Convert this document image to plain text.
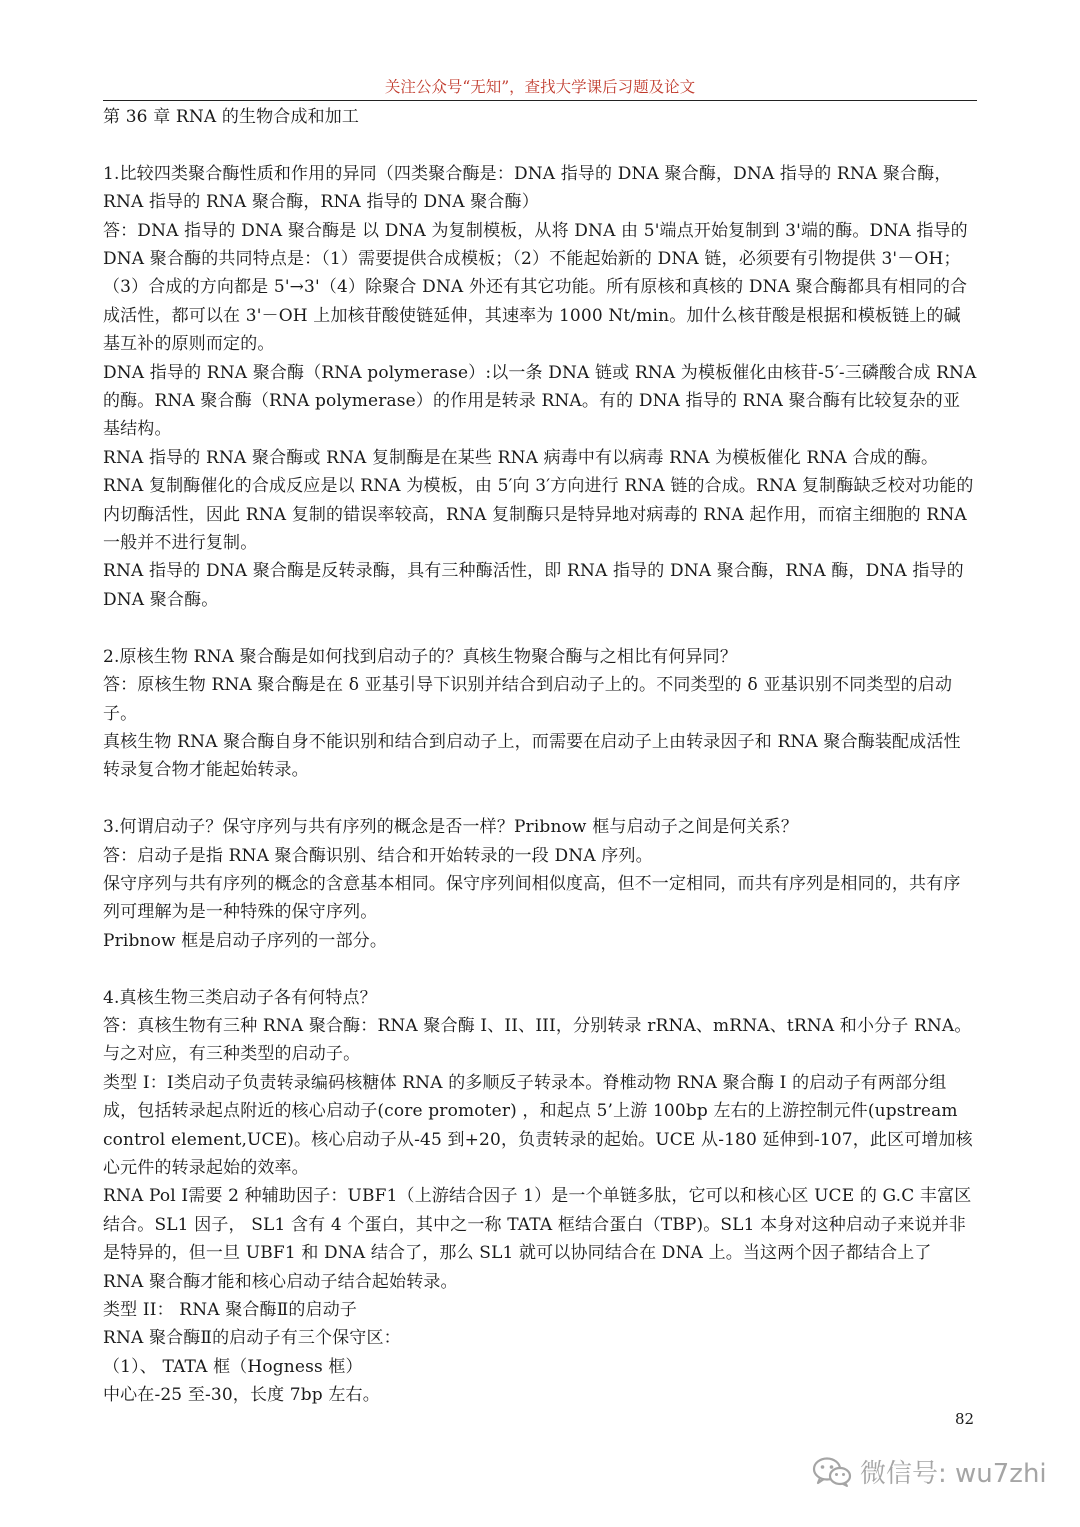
关注公众号“无知”，查找大学课后习题及论文

第 36 章 RNA 的生物合成和加工

1.比较四类聚合酶性质和作用的异同（四类聚合酶是：DNA 指导的 DNA 聚合酶，DNA 指导的 RNA 聚合酶，RNA 指导的 RNA 聚合酶，RNA 指导的 DNA 聚合酶）

答：DNA 指导的 DNA 聚合酶是 以 DNA 为复制模板，从将 DNA 由 5'端点开始复制到 3'端的酶。DNA 指导的 DNA 聚合酶的共同特点是：（1）需要提供合成模板；（2）不能起始新的 DNA 链，必须要有引物提供 3'－OH；（3）合成的方向都是 5'→3'（4）除聚合 DNA 外还有其它功能。所有原核和真核的 DNA 聚合酶都具有相同的合成活性，都可以在 3'－OH 上加核苷酸使链延伸，其速率为 1000 Nt/min。加什么核苷酸是根据和模板链上的碱基互补的原则而定的。

DNA 指导的 RNA 聚合酶（RNA polymerase）:以一条 DNA 链或 RNA 为模板催化由核苷-5′-三磷酸合成 RNA 的酶。RNA 聚合酶（RNA polymerase）的作用是转录 RNA。有的 DNA 指导的 RNA 聚合酶有比较复杂的亚基结构。

RNA 指导的 RNA 聚合酶或 RNA 复制酶是在某些 RNA 病毒中有以病毒 RNA 为模板催化 RNA 合成的酶。RNA 复制酶催化的合成反应是以 RNA 为模板，由 5′向 3′方向进行 RNA 链的合成。RNA 复制酶缺乏校对功能的内切酶活性，因此 RNA 复制的错误率较高，RNA 复制酶只是特异地对病毒的 RNA 起作用，而宿主细胞的 RNA 一般并不进行复制。

RNA 指导的 DNA 聚合酶是反转录酶，具有三种酶活性，即 RNA 指导的 DNA 聚合酶，RNA 酶，DNA 指导的 DNA 聚合酶。

2.原核生物 RNA 聚合酶是如何找到启动子的？真核生物聚合酶与之相比有何异同？

答：原核生物 RNA 聚合酶是在 δ 亚基引导下识别并结合到启动子上的。不同类型的 δ 亚基识别不同类型的启动子。

真核生物 RNA 聚合酶自身不能识别和结合到启动子上，而需要在启动子上由转录因子和 RNA 聚合酶装配成活性转录复合物才能起始转录。

3.何谓启动子？保守序列与共有序列的概念是否一样？Pribnow 框与启动子之间是何关系？

答：启动子是指 RNA 聚合酶识别、结合和开始转录的一段 DNA 序列。

保守序列与共有序列的概念的含意基本相同。保守序列间相似度高，但不一定相同，而共有序列是相同的，共有序列可理解为是一种特殊的保守序列。

Pribnow 框是启动子序列的一部分。

4.真核生物三类启动子各有何特点？

答：真核生物有三种 RNA 聚合酶：RNA 聚合酶 I、II、III，分别转录 rRNA、mRNA、tRNA 和小分子 RNA。与之对应，有三种类型的启动子。

类型 I：Ⅰ类启动子负责转录编码核糖体 RNA 的多顺反子转录本。脊椎动物 RNA 聚合酶 I 的启动子有两部分组成，包括转录起点附近的核心启动子(core promoter) ，和起点 5’上游 100bp 左右的上游控制元件(upstream control element,UCE)。核心启动子从-45 到+20，负责转录的起始。UCE 从-180 延伸到-107，此区可增加核心元件的转录起始的效率。

RNA Pol Ⅰ需要 2 种辅助因子：UBF1（上游结合因子 1）是一个单链多肽，它可以和核心区 UCE 的 G.C 丰富区结合。SL1 因子， SL1 含有 4 个蛋白，其中之一称 TATA 框结合蛋白（TBP)。SL1 本身对这种启动子来说并非是特异的，但一旦 UBF1 和 DNA 结合了，那么 SL1 就可以协同结合在 DNA 上。当这两个因子都结合上了 RNA 聚合酶才能和核心启动子结合起始转录。

类型 II： RNA 聚合酶Ⅱ的启动子

RNA 聚合酶Ⅱ的启动子有三个保守区：

（1）、 TATA 框（Hogness 框）

中心在-25 至-30，长度 7bp 左右。

82
微信号: wu7zhi
